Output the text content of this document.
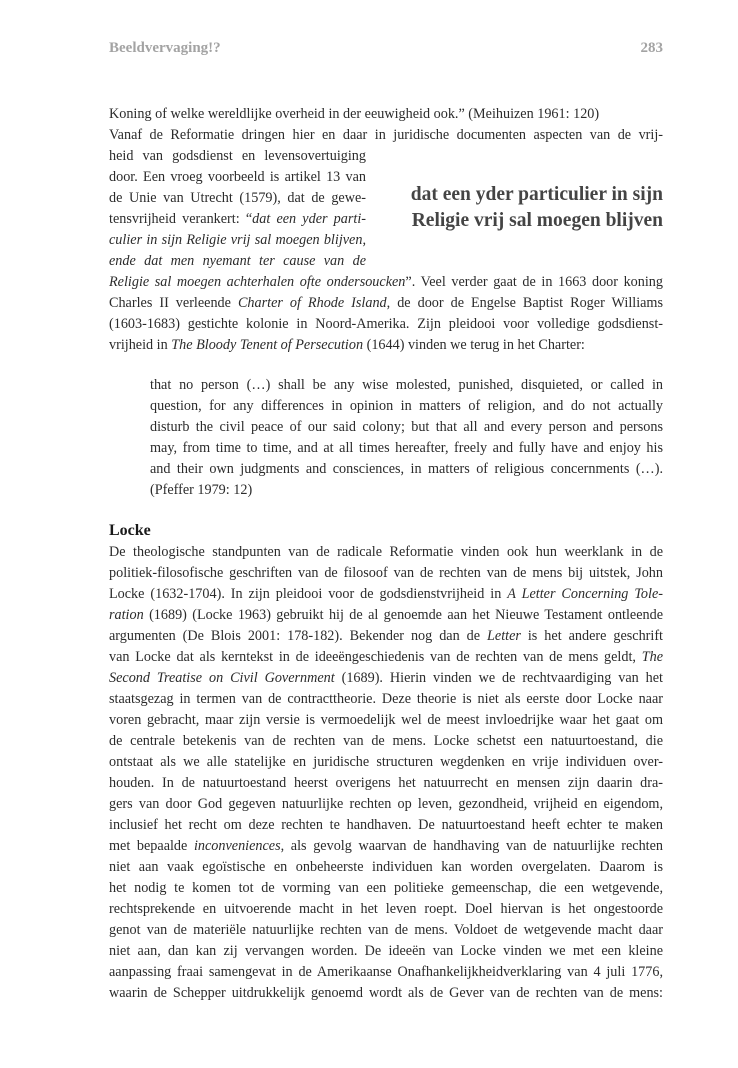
Beeldvervaging!?	283
dat een yder particulier in sijn
Religie vrij sal moegen blijven
Koning of welke wereldlijke overheid in der eeuwigheid ook.” (Meihuizen 1961: 120)
Vanaf de Reformatie dringen hier en daar in juridische documenten aspecten van de vrij-
heid van godsdienst en levensovertuiging
door. Een vroeg voorbeeld is artikel 13 van
de Unie van Utrecht (1579), dat de gewe-
tensvrijheid verankert: “dat een yder parti-
culier in sijn Religie vrij sal moegen blijven,
ende dat men nyemant ter cause van de
Religie sal moegen achterhalen ofte ondersoucken”. Veel verder gaat de in 1663 door koning
Charles II verleende Charter of Rhode Island, de door de Engelse Baptist Roger Williams
(1603-1683) gestichte kolonie in Noord-Amerika. Zijn pleidooi voor volledige godsdienst-
vrijheid in The Bloody Tenent of Persecution (1644) vinden we terug in het Charter:
that no person (…) shall be any wise molested, punished, disquieted, or called in
question, for any differences in opinion in matters of religion, and do not actually
disturb the civil peace of our said colony; but that all and every person and persons
may, from time to time, and at all times hereafter, freely and fully have and enjoy his
and their own judgments and consciences, in matters of religious concernments (…).
(Pfeffer 1979: 12)
Locke
De theologische standpunten van de radicale Reformatie vinden ook hun weerklank in de
politiek-filosofische geschriften van de filosoof van de rechten van de mens bij uitstek, John
Locke (1632-1704). In zijn pleidooi voor de godsdienstvrijheid in A Letter Concerning Tole-
ration (1689) (Locke 1963) gebruikt hij de al genoemde aan het Nieuwe Testament ontleende
argumenten (De Blois 2001: 178-182). Bekender nog dan de Letter is het andere geschrift
van Locke dat als kerntekst in de ideeëngeschiedenis van de rechten van de mens geldt, The
Second Treatise on Civil Government (1689). Hierin vinden we de rechtvaardiging van het
staatsgezag in termen van de contracttheorie. Deze theorie is niet als eerste door Locke naar
voren gebracht, maar zijn versie is vermoedelijk wel de meest invloedrijke waar het gaat om
de centrale betekenis van de rechten van de mens. Locke schetst een natuurtoestand, die
ontstaat als we alle statelijke en juridische structuren wegdenken en vrije individuen over-
houden. In de natuurtoestand heerst overigens het natuurrecht en mensen zijn daarin dra-
gers van door God gegeven natuurlijke rechten op leven, gezondheid, vrijheid en eigendom,
inclusief het recht om deze rechten te handhaven. De natuurtoestand heeft echter te maken
met bepaalde inconveniences, als gevolg waarvan de handhaving van de natuurlijke rechten
niet aan vaak egoïstische en onbeheerste individuen kan worden overgelaten. Daarom is
het nodig te komen tot de vorming van een politieke gemeenschap, die een wetgevende,
rechtsprekende en uitvoerende macht in het leven roept. Doel hiervan is het ongestoorde
genot van de materiële natuurlijke rechten van de mens. Voldoet de wetgevende macht daar
niet aan, dan kan zij vervangen worden. De ideeën van Locke vinden we met een kleine
aanpassing fraai samengevat in de Amerikaanse Onafhankelijkheidverklaring van 4 juli 1776,
waarin de Schepper uitdrukkelijk genoemd wordt als de Gever van de rechten van de mens:
